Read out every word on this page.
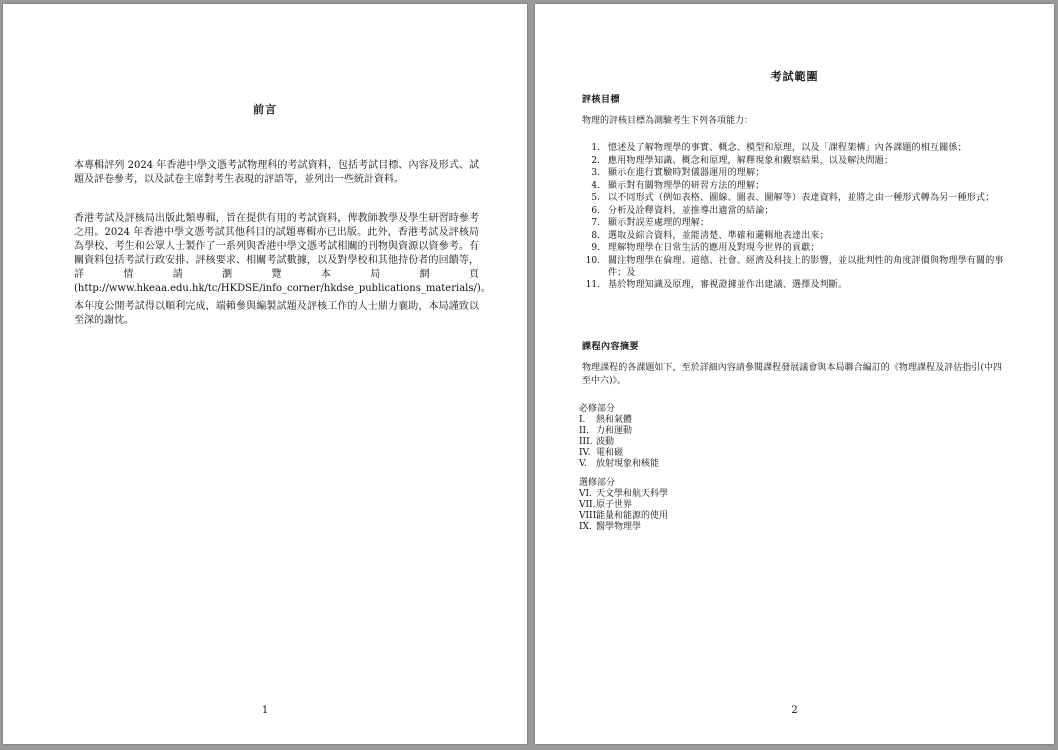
前言

本專輯評列 2024 年香港中學文憑考試物理科的考試資料，包括考試目標、內容及形式、試題及評卷參考，以及試卷主席對考生表現的評語等，並列出一些統計資料。

香港考試及評核局出版此類專輯，旨在提供有用的考試資料，俾教師教學及學生研習時參考之用。2024 年香港中學文憑考試其他科目的試題專輯亦已出版。此外，香港考試及評核局為學校、考生和公眾人士製作了一系列與香港中學文憑考試相關的刊物與資源以資參考。有關資料包括考試行政安排、評核要求、相關考試數據，以及對學校和其他持份者的回饋等，詳情請瀏覽本局網頁 (http://www.hkeaa.edu.hk/tc/HKDSE/info_corner/hkdse_publications_materials/)。

本年度公開考試得以順利完成，端賴參與編製試題及評核工作的人士鼎力襄助，本局謹致以至深的謝忱。

1
考試範圍
評核目標
物理的評核目標為測驗考生下列各項能力：
1. 憶述及了解物理學的事實、概念、模型和原理，以及「課程架構」內各課題的相互關係；
2. 應用物理學知識、概念和原理，解釋現象和觀察結果，以及解決問題；
3. 顯示在進行實驗時對儀器運用的理解；
4. 顯示對有關物理學的研習方法的理解；
5. 以不同形式（例如表格、圖線、圖表、圖解等）表達資料，並將之由一種形式轉為另一種形式；
6. 分析及詮釋資料，並推導出適當的結論；
7. 顯示對誤差處理的理解；
8. 選取及綜合資料，並能清楚、準確和邏輯地表達出來；
9. 理解物理學在日常生活的應用及對現今世界的貢獻；
10. 關注物理學在倫理、道德、社會、經濟及科技上的影響，並以批判性的角度評價與物理學有關的事件；及
11. 基於物理知識及原理，審視證據並作出建議、選擇及判斷。
課程內容摘要
物理課程的各課題如下，至於詳細內容請參閱課程發展議會與本局聯合編訂的《物理課程及評估指引(中四至中六)》。
必修部分
I.	熱和氣體
II. 力和運動
III. 波動
IV. 電和磁
V.	放射現象和核能
選修部分
VI. 天文學和航天科學
VII. 原子世界
VIII.
能量和能源的使用
IX. 醫學物理學
2
